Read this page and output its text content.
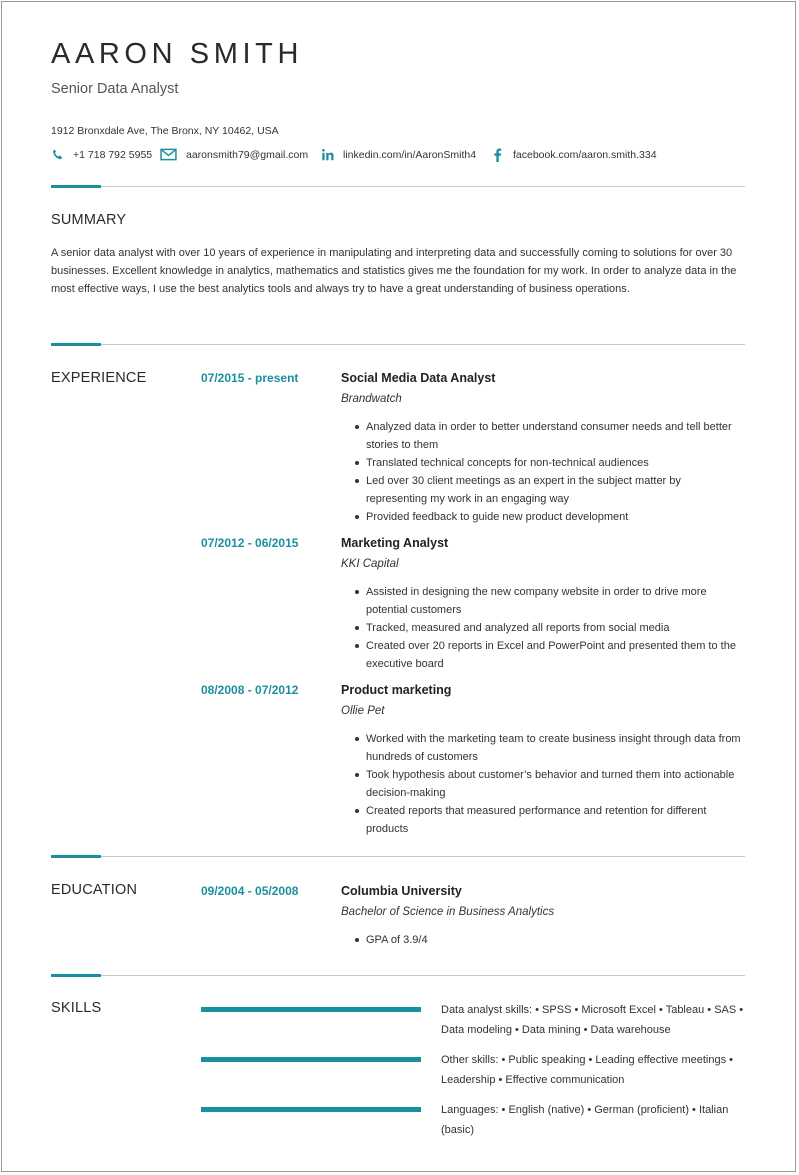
AARON SMITH
Senior Data Analyst
1912 Bronxdale Ave, The Bronx, NY 10462, USA
+1 718 792 5955	aaronsmith79@gmail.com	linkedin.com/in/AaronSmith4	facebook.com/aaron.smith.334
SUMMARY
A senior data analyst with over 10 years of experience in manipulating and interpreting data and successfully coming to solutions for over 30 businesses. Excellent knowledge in analytics, mathematics and statistics gives me the foundation for my work. In order to analyze data in the most effective ways, I use the best analytics tools and always try to have a great understanding of business operations.
EXPERIENCE	07/2015 - present	Social Media Data Analyst
Brandwatch
Analyzed data in order to better understand consumer needs and tell better stories to them
Translated technical concepts for non-technical audiences
Led over 30 client meetings as an expert in the subject matter by representing my work in an engaging way
Provided feedback to guide new product development
07/2012 - 06/2015	Marketing Analyst
KKI Capital
Assisted in designing the new company website in order to drive more potential customers
Tracked, measured and analyzed all reports from social media
Created over 20 reports in Excel and PowerPoint and presented them to the executive board
08/2008 - 07/2012	Product marketing
Ollie Pet
Worked with the marketing team to create business insight through data from hundreds of customers
Took hypothesis about customer’s behavior and turned them into actionable decision-making
Created reports that measured performance and retention for different products
EDUCATION	09/2004 - 05/2008	Columbia University
Bachelor of Science in Business Analytics
GPA of 3.9/4
SKILLS	Data analyst skills: • SPSS • Microsoft Excel • Tableau • SAS • Data modeling • Data mining • Data warehouse
Other skills: • Public speaking • Leading effective meetings • Leadership • Effective communication
Languages: • English (native) • German (proficient) • Italian (basic)
